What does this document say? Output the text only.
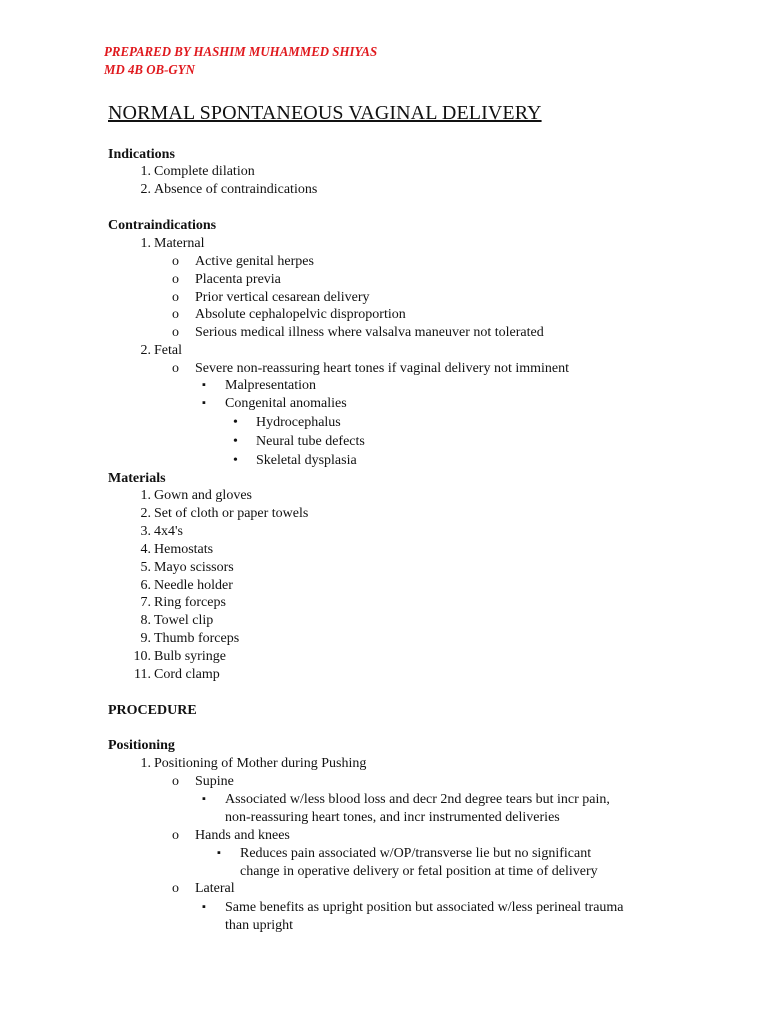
PREPARED BY HASHIM MUHAMMED SHIYAS
MD 4B OB-GYN
NORMAL SPONTANEOUS VAGINAL DELIVERY
Indications
1. Complete dilation
2. Absence of contraindications
Contraindications
1. Maternal
o Active genital herpes
o Placenta previa
o Prior vertical cesarean delivery
o Absolute cephalopelvic disproportion
o Serious medical illness where valsalva maneuver not tolerated
2. Fetal
o Severe non-reassuring heart tones if vaginal delivery not imminent
▪ Malpresentation
▪ Congenital anomalies
• Hydrocephalus
• Neural tube defects
• Skeletal dysplasia
Materials
1. Gown and gloves
2. Set of cloth or paper towels
3. 4x4's
4. Hemostats
5. Mayo scissors
6. Needle holder
7. Ring forceps
8. Towel clip
9. Thumb forceps
10. Bulb syringe
11. Cord clamp
PROCEDURE
Positioning
1. Positioning of Mother during Pushing
o Supine
▪ Associated w/less blood loss and decr 2nd degree tears but incr pain,
non-reassuring heart tones, and incr instrumented deliveries
o Hands and knees
▪ Reduces pain associated w/OP/transverse lie but no significant
change in operative delivery or fetal position at time of delivery
o Lateral
▪ Same benefits as upright position but associated w/less perineal trauma
than upright
